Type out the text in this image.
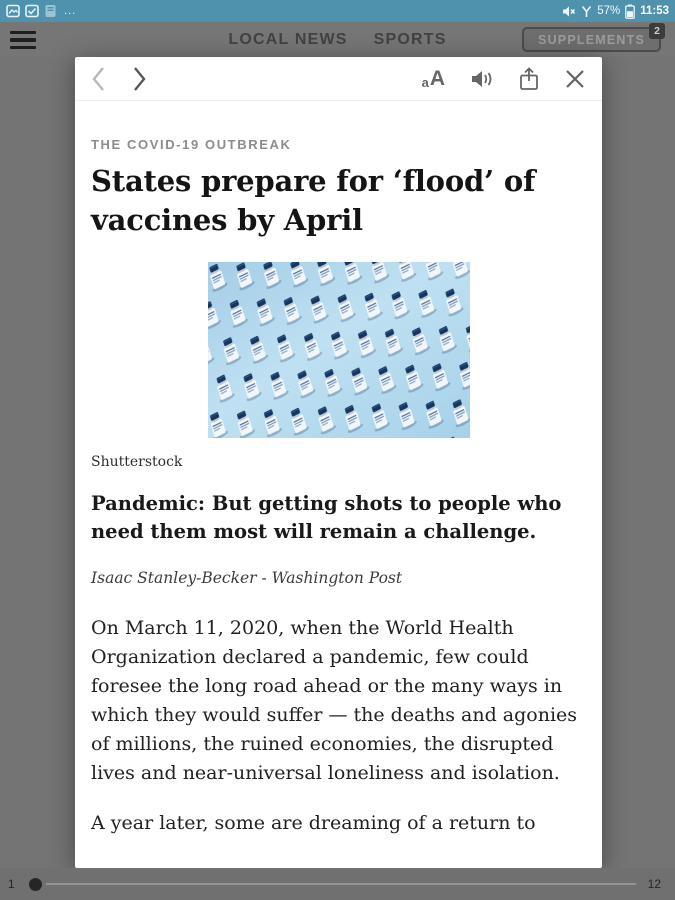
...	57% 11:53
LOCAL NEWS SPORTS	SUPPLEMENTS
2
a A
THE COVID-19 OUTBREAK
States prepare for ‘flood’ of vaccines by April
Shutterstock
Pandemic: But getting shots to people who need them most will remain a challenge.
Isaac Stanley-Becker - Washington Post

On March 11, 2020, when the World Health Organization declared a pandemic, few could foresee the long road ahead or the many ways in which they would suffer — the deaths and agonies of millions, the ruined economies, the disrupted lives and near-universal loneliness and isolation.

A year later, some are dreaming of a return to

1	12
